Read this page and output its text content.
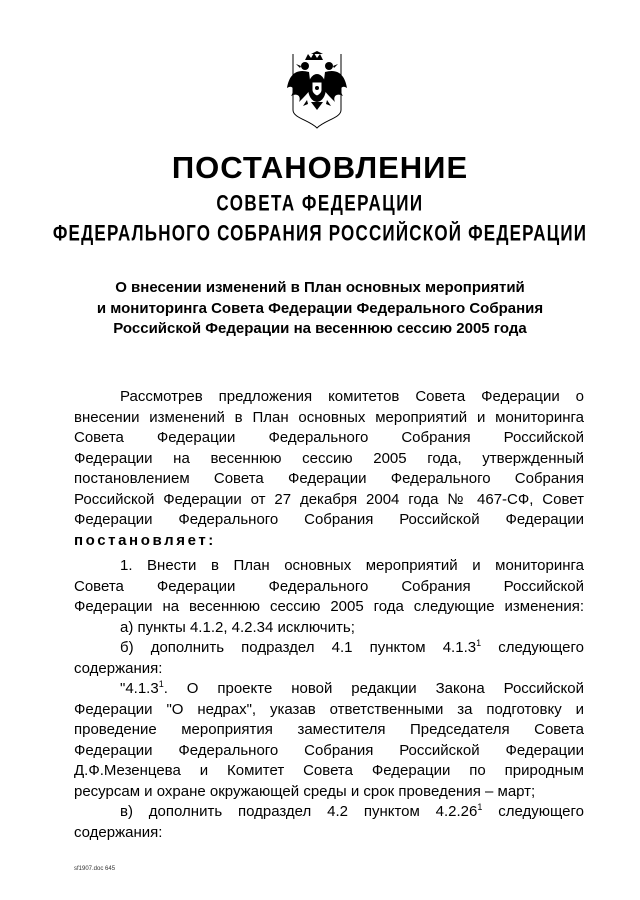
ПОСТАНОВЛЕНИЕ
СОВЕТА ФЕДЕРАЦИИ
ФЕДЕРАЛЬНОГО СОБРАНИЯ РОССИЙСКОЙ ФЕДЕРАЦИИ
О внесении изменений в План основных мероприятий
и мониторинга Совета Федерации Федерального Собрания
Российской Федерации на весеннюю сессию 2005 года
Рассмотрев предложения комитетов Совета Федерации о
внесении изменений в План основных мероприятий и мониторинга
Совета Федерации Федерального Собрания Российской
Федерации на весеннюю сессию 2005 года, утвержденный
постановлением Совета Федерации Федерального Собрания
Российской Федерации от 27 декабря 2004 года № 467-СФ, Совет
Федерации Федерального Собрания Российской Федерации
постановляет:
1. Внести в План основных мероприятий и мониторинга
Совета Федерации Федерального Собрания Российской
Федерации на весеннюю сессию 2005 года следующие изменения:
а) пункты 4.1.2, 4.2.34 исключить;
б) дополнить подраздел 4.1 пунктом 4.1.3$^1$ следующего
содержания:
"4.1.3$^1$. О проекте новой редакции Закона Российской
Федерации "О недрах", указав ответственными за подготовку и
проведение мероприятия заместителя Председателя Совета
Федерации Федерального Собрания Российской Федерации
Д.Ф.Мезенцева и Комитет Совета Федерации по природным
ресурсам и охране окружающей среды и срок проведения – март;
в) дополнить подраздел 4.2 пунктом 4.2.26$^1$ следующего
содержания:
sf1907.doc 645
